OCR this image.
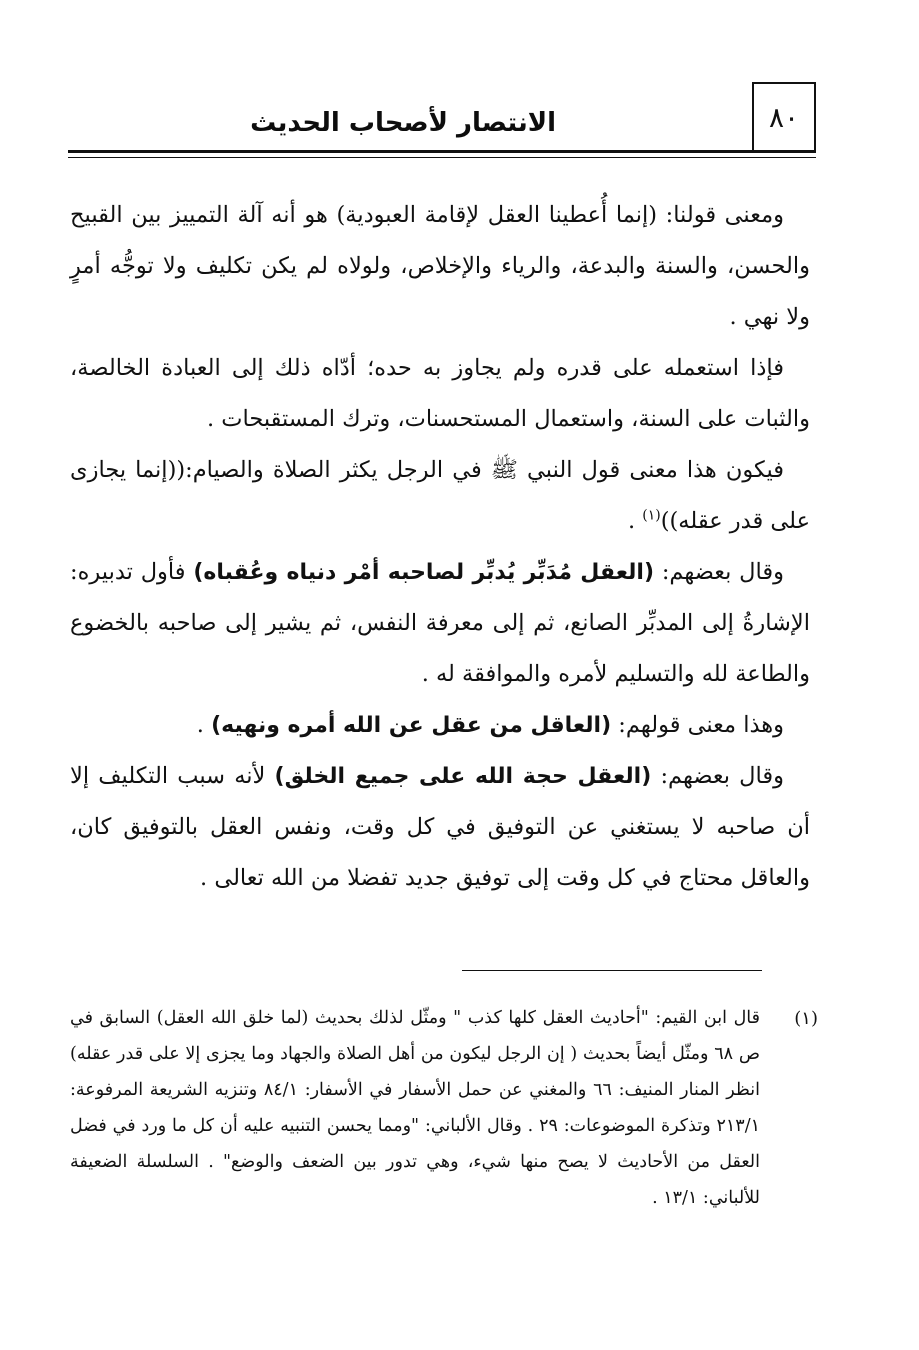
الانتصار لأصحاب الحديث	٨٠

ومعنى قولنا: (إنما أُعطينا العقل لإقامة العبودية) هو أنه آلة التمييز بين القبيح والحسن، والسنة والبدعة، والرياء والإخلاص، ولولاه لم يكن تكليف ولا توجُّه أمرٍ ولا نهي .

فإذا استعمله على قدره ولم يجاوز به حده؛ أدّاه ذلك إلى العبادة الخالصة، والثبات على السنة، واستعمال المستحسنات، وترك المستقبحات .

فيكون هذا معنى قول النبي ﷺ في الرجل يكثر الصلاة والصيام:((إنما يجازى على قدر عقله))$^{(١)}$ .

وقال بعضهم: (العقل مُدَبِّر يُدبِّر لصاحبه أمْر دنياه وعُقباه) فأول تدبيره: الإشارةُ إلى المدبِّر الصانع، ثم إلى معرفة النفس، ثم يشير إلى صاحبه بالخضوع والطاعة لله والتسليم لأمره والموافقة له .

وهذا معنى قولهم: (العاقل من عقل عن الله أمره ونهيه) .

وقال بعضهم: (العقل حجة الله على جميع الخلق) لأنه سبب التكليف إلا أن صاحبه لا يستغني عن التوفيق في كل وقت، ونفس العقل بالتوفيق كان، والعاقل محتاج في كل وقت إلى توفيق جديد تفضلا من الله تعالى .

(١)
قال ابن القيم: "أحاديث العقل كلها كذب " ومثّل لذلك بحديث (لما خلق الله العقل) السابق في ص ٦٨ ومثّل أيضاً بحديث ( إن الرجل ليكون من أهل الصلاة والجهاد وما يجزى إلا على قدر عقله) انظر المنار المنيف: ٦٦ والمغني عن حمل الأسفار في الأسفار: ٨٤/١ وتنزيه الشريعة المرفوعة: ٢١٣/١ وتذكرة الموضوعات: ٢٩ . وقال الألباني: "ومما يحسن التنبيه عليه أن كل ما ورد في فضل العقل من الأحاديث لا يصح منها شيء، وهي تدور بين الضعف والوضع" . السلسلة الضعيفة للألباني: ١٣/١ .
